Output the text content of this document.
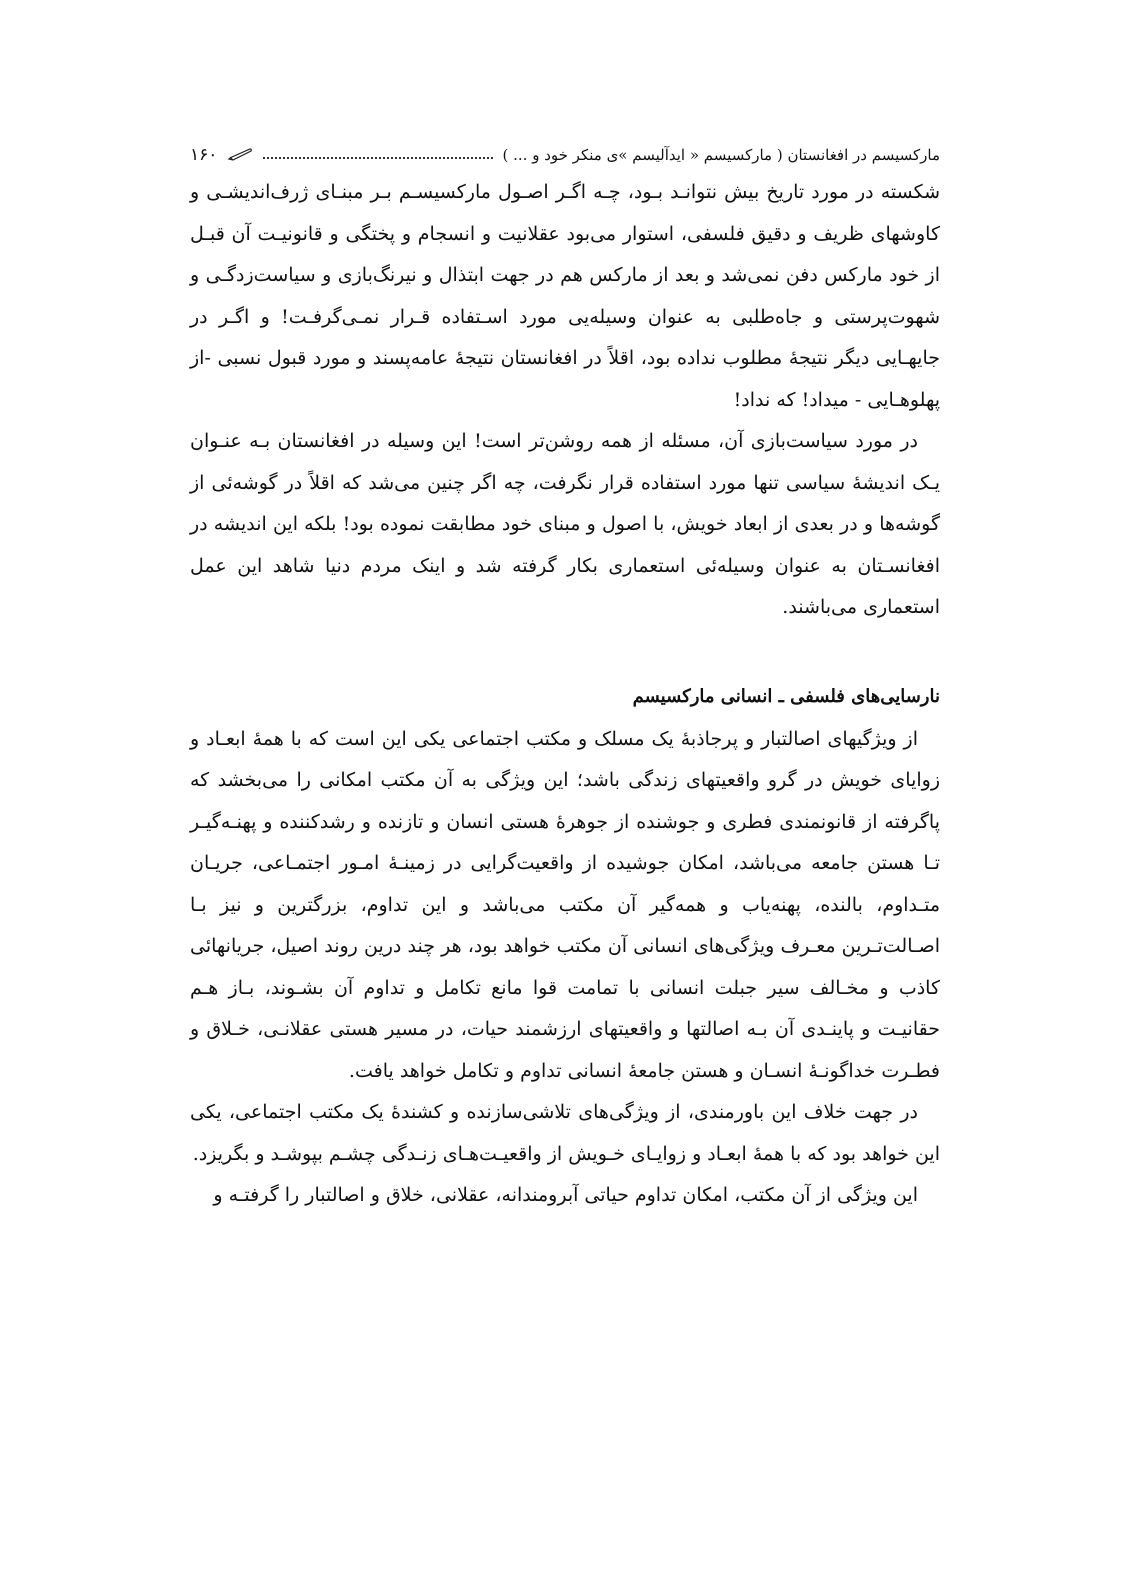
مارکسیسم در افغانستان ( مارکسیسم « ایدآلیسم »ی منکر خود و ... )
۱۶۰

شکسته در مورد تاریخ بیش نتوانـد بـود، چـه اگـر اصـول مارکسیسـم بـر مبنـای ژرف‌اندیشـی و کاوشهای ظریف و دقیق فلسفی، استوار می‌بود عقلانیت و انسجام و پختگی و قانونیـت آن قبـل از خود مارکس دفن نمی‌شد و بعد از مارکس هم در جهت ابتذال و نیرنگ‌بازی و سیاست‌زدگـی و شهوت‌پرستی و جاه‌طلبی به عنوان وسیله‌یی مورد اسـتفاده قـرار نمـی‌گرفـت! و اگـر در جایهـایی دیگر نتیجۀ مطلوب نداده بود، اقلاً در افغانستان نتیجۀ عامه‌پسند و مورد قبول نسبی -از پهلوهـایی - میداد! که نداد!

در مورد سیاست‌بازی آن، مسئله از همه روشن‌تر است! این وسیله در افغانستان بـه عنـوان یـک اندیشۀ سیاسی تنها مورد استفاده قرار نگرفت، چه اگر چنین می‌شد که اقلاً در گوشه‌ئی از گوشه‌ها و در بعدی از ابعاد خویش، با اصول و مبنای خود مطابقت نموده بود! بلکه این اندیشه در افغانسـتان به عنوان وسیله‌ئی استعماری بکار گرفته شد و اینک مردم دنیا شاهد این عمل استعماری می‌باشند.

نارسایی‌های فلسفی ـ انسانی مارکسیسم

از ویژگیهای اصالتبار و پرجاذبۀ یک مسلک و مکتب اجتماعی یکی این است که با همۀ ابعـاد و زوایای خویش در گرو واقعیتهای زندگی باشد؛ این ویژگی به آن مکتب امکانی را می‌بخشد که پاگرفته از قانونمندی فطری و جوشنده از جوهرۀ هستی انسان و تازنده و رشدکننده و پهنـه‌گیـر تـا هستن جامعه می‌باشد، امکان جوشیده از واقعیت‌گرایی در زمینـۀ امـور اجتمـاعی، جریـان متـداوم، بالنده، پهنه‌یاب و همه‌گیر آن مکتب می‌باشد و این تداوم، بزرگترین و نیز بـا اصـالت‌تـرین معـرف ویژگی‌های انسانی آن مکتب خواهد بود، هر چند درین روند اصیل، جریانهائی کاذب و مخـالف سیر جبلت انسانی با تمامت قوا مانع تکامل و تداوم آن بشـوند، بـاز هـم حقانیـت و پاینـدی آن بـه اصالتها و واقعیتهای ارزشمند حیات، در مسیر هستی عقلانـی، خـلاق و فطـرت خداگونـۀ انسـان و هستن جامعۀ انسانی تداوم و تکامل خواهد یافت.

در جهت خلاف این باورمندی، از ویژگی‌های تلاشی‌سازنده و کشندۀ یک مکتب اجتماعی، یکی این خواهد بود که با همۀ ابعـاد و زوایـای خـویش از واقعیـت‌هـای زنـدگی چشـم بپوشـد و بگریزد.

این ویژگی از آن مکتب، امکان تداوم حیاتی آبرومندانه، عقلانی، خلاق و اصالتبار را گرفتـه و
